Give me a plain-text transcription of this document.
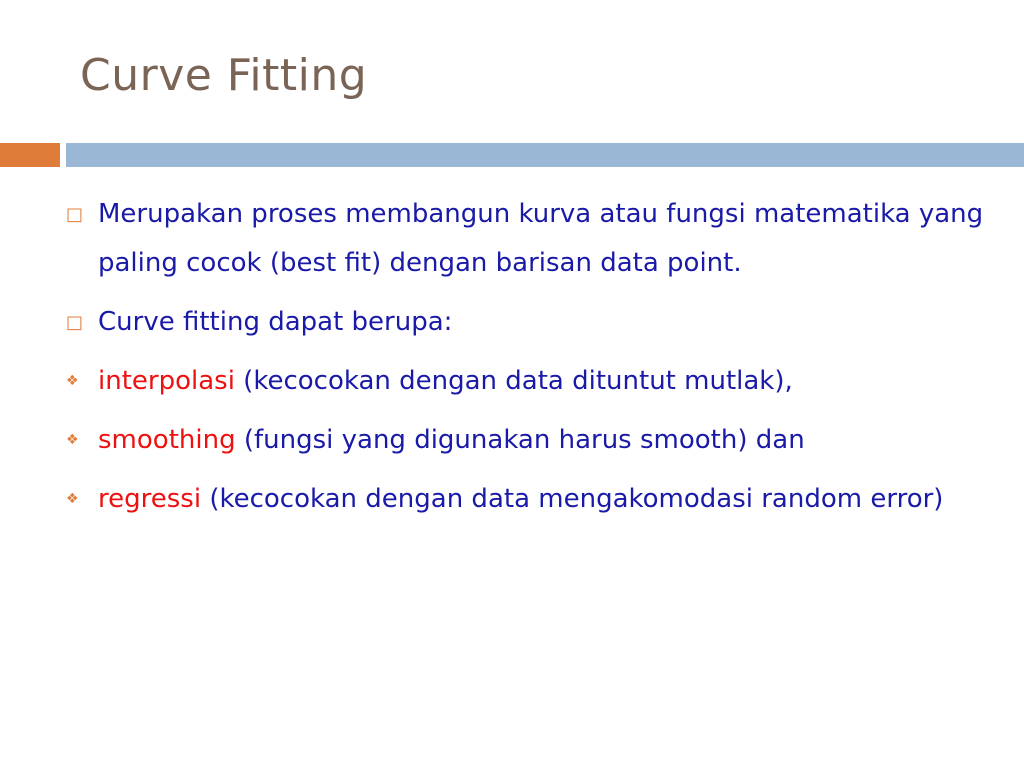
Curve Fitting
□ Merupakan proses membangun kurva atau fungsi matematika yang paling cocok (best fit) dengan barisan data point.
□ Curve fitting dapat berupa:
❖ interpolasi (kecocokan dengan data dituntut mutlak),
❖ smoothing (fungsi yang digunakan harus smooth) dan
❖ regressi (kecocokan dengan data mengakomodasi random error)
